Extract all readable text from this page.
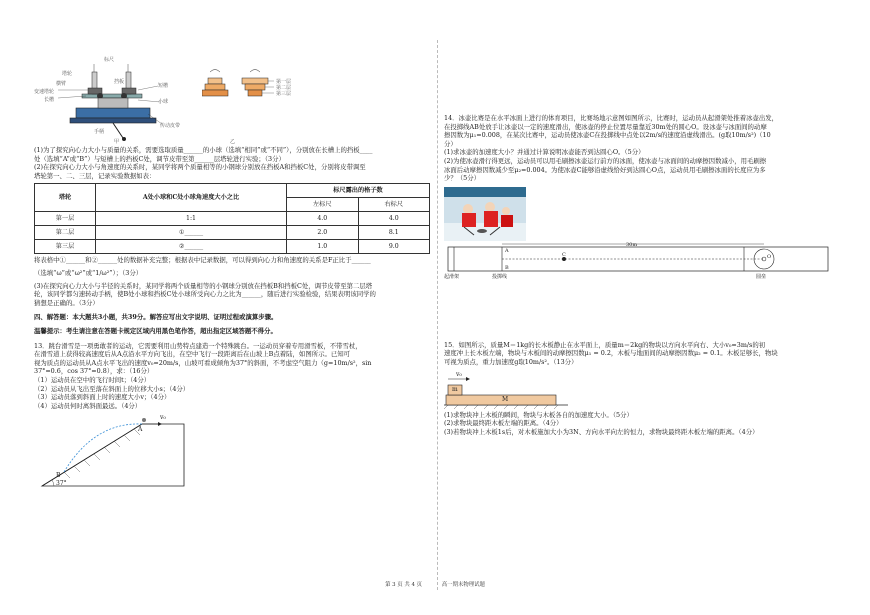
标尺
塔轮
变速塔轮
长槽
短槽
挡板
横臂
小球
传动皮带
手柄
甲
第一层
第二层
第三层
乙

(1)为了探究向心力大小与质量的关系，需要选取质量______的小球（选填“相同”或“不同”），分别放在长槽上的挡板____

处（选填“A”或“B”）与短槽上的挡板C处，调节皮带至第______层塔轮进行实验；（3分）

(2)在探究向心力大小与角速度的关系时，某同学将两个质量相等的小钢球分别放在挡板A和挡板C处，分别将皮带调至

塔轮第一、二、三层，记录实验数据如表：

塔轮	A处小球和C处小球角速度大小之比	标尺露出的格子数	
		左标尺	右标尺
第一层	1:1	4.0	4.0
第二层	①______	2.0	8.1
第三层	②______	1.0	9.0

将表格中①______和②______处的数据补充完整；根据表中记录数据，可以得到向心力和角速度的关系是F正比于______

（选填“ω”或“ω²”或“1/ω²”）；（3分）

(3)在探究向心力大小与半径的关系时，某同学将两个质量相等的小钢球分别放在挡板B和挡板C处，调节皮带至第二层塔

轮，该同学都匀速转动手柄，使B处小球和挡板C处小球所受向心力之比为______，随后进行实验检验，结果表明该同学的

猜想是正确的。（3分）

四、解答题：本大题共3小题，共39分。解答应写出文字说明、证明过程或演算步骤。

温馨提示：考生请注意在答题卡规定区域内用黑色笔作答，超出指定区域答题不得分。

13．跳台滑雪是一项勇敢者的运动，它需要利用山势特点建造一个特殊跳台。一运动员穿着专用滑雪板，不带雪杖，

在滑雪道上获得较高速度后从A点沿水平方向飞出，在空中飞行一段距离后在山坡上B点着陆，如图所示。已知可

视为质点的运动员从A点水平飞出的速度v₀=20m/s，山坡可看成倾角为37°的斜面，不考虑空气阻力（g=10m/s²，sin

37°=0.6，cos 37°=0.8），求：（16分）

（1）运动员在空中的飞行时间t；（4分）

（2）运动员从飞出至落在斜面上的位移大小s；（4分）

（3）运动员落到斜面上时的速度大小v；（4分）

（4）运动员何时离斜面最远。（4分）

v₀
A
B
37°

14．冰壶比赛是在水平冰面上进行的体育项目，比赛场地示意图如图所示，比赛时，运动员从起滑架处推着冰壶出发，

在投掷线AB处放手让冰壶以一定的速度滑出，使冰壶的停止位置尽量靠近30m处的圆心O。设冰壶与冰面间的动摩

擦因数为μ₁=0.008，在某次比赛中，运动员使冰壶C在投掷线中点处以2m/s的速度沿虚线滑出。(g取10m/s²)（10

分）

(1)求冰壶的加速度大小？并通过计算说明冰壶能否到达圆心O。（5分）

(2)为使冰壶滑行得更远，运动员可以用毛刷擦冰壶运行前方的冰面，使冰壶与冰面间的动摩擦因数减小，用毛刷擦

冰面后动摩擦因数减少至μ₂=0.004。为使冰壶C能够沿虚线恰好到达圆心O点，运动员用毛刷擦冰面的长度应为多

少？（5分）

30m
A
B
C	O
起滑架	投掷线	圆垒

15．如图所示，质量M＝1kg的长木板静止在水平面上，质量m＝2kg的物块以方向水平向右、大小v₀=3m/s的初

速度冲上长木板左端，物块与木板间的动摩擦因数μ₁ = 0.2，木板与地面间的动摩擦因数μ₂ = 0.1。木板足够长，物块

可视为质点，重力加速度g取10m/s²。（13分）

v₀
m
M

(1)求物块冲上木板的瞬间，物块与木板各自的加速度大小。（5分）

(2)求物块最终距木板左端的距离。（4分）

(3)若物块冲上木板1s后，对木板施加大小为3N、方向水平向左的恒力，求物块最终距木板左端的距离。（4分）

第 3 页 共 4 页	高一期末物理试题
